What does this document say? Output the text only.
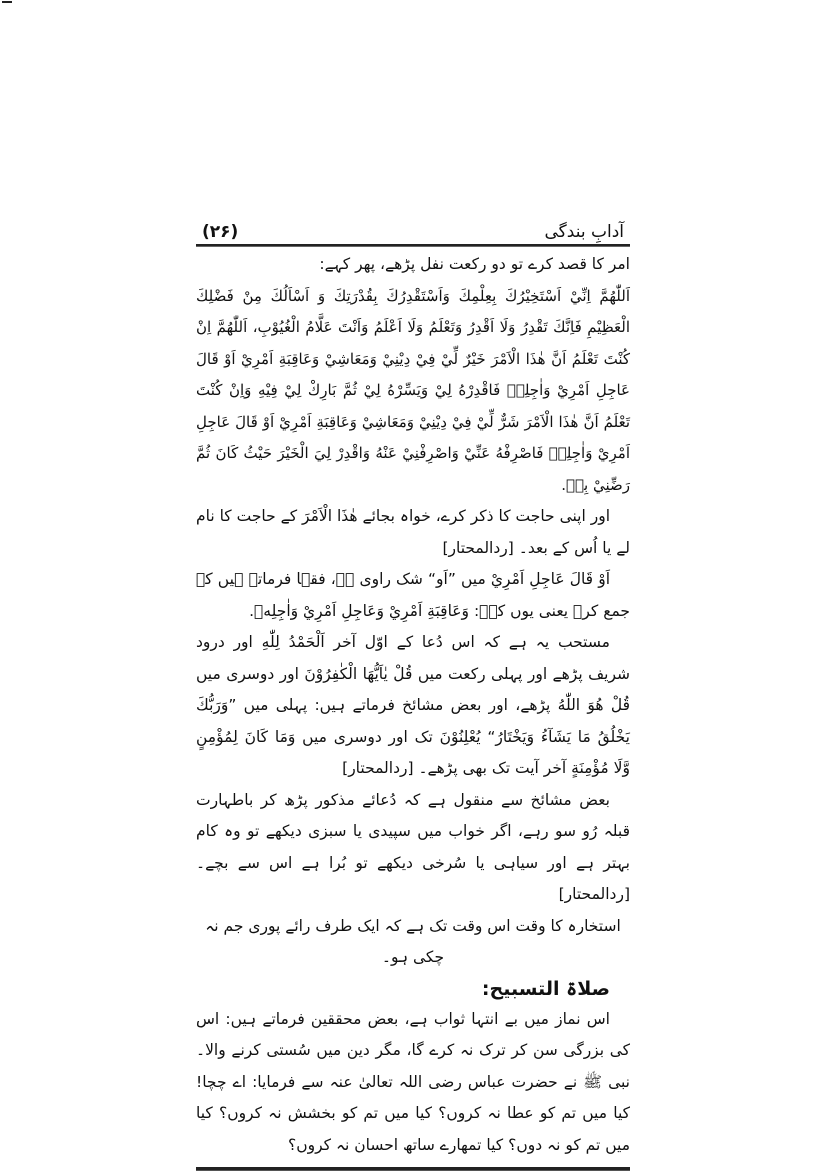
(۲۶)	آدابِ بندگی

امر کا قصد کرے تو دو رکعت نفل پڑھے، پھر کہے:

اَللّٰهُمَّ اِنِّيْ اَسْتَخِيْرُكَ بِعِلْمِكَ وَاَسْتَقْدِرُكَ بِقُدْرَتِكَ وَ اَسْاَلُكَ مِنْ فَضْلِكَ الْعَظِيْمِ فَاِنَّكَ تَقْدِرُ وَلَا اَقْدِرُ وَتَعْلَمُ وَلَا اَعْلَمُ وَاَنْتَ عَلَّامُ الْغُيُوْبِ، اَللّٰهُمَّ اِنْ كُنْتَ تَعْلَمُ اَنَّ هٰذَا الْاَمْرَ خَيْرٌ لِّيْ فِيْ دِيْنِيْ وَمَعَاشِيْ وَعَاقِبَةِ اَمْرِيْ اَوْ قَالَ عَاجِلِ اَمْرِيْ وَاٰجِلِهٖ فَاقْدِرْهُ لِيْ وَيَسِّرْهُ لِيْ ثُمَّ بَارِكْ لِيْ فِيْهِ وَاِنْ كُنْتَ تَعْلَمُ اَنَّ هٰذَا الْاَمْرَ شَرٌّ لِّيْ فِيْ دِيْنِيْ وَمَعَاشِيْ وَعَاقِبَةِ اَمْرِيْ اَوْ قَالَ عَاجِلِ اَمْرِيْ وَاٰجِلِهٖ فَاصْرِفْهُ عَنِّيْ وَاصْرِفْنِيْ عَنْهُ وَاقْدِرْ لِيَ الْخَيْرَ حَيْثُ كَانَ ثُمَّ رَضِّنِيْ بِهٖ.

اور اپنی حاجت کا ذکر کرے، خواہ بجائے هٰذَا الْاَمْرَ کے حاجت کا نام لے یا اُس کے بعد۔ [ردالمحتار]

اَوْ قَالَ عَاجِلِ اَمْرِيْ میں ”اَو“ شک راوی ہے، فقہا فرماتے ہیں کہ جمع کرے یعنی یوں کہے: وَعَاقِبَةِ اَمْرِيْ وَعَاجِلِ اَمْرِيْ وَاٰجِلِهٖ.

مستحب یہ ہے کہ اس دُعا کے اوّل آخر اَلْحَمْدُ لِلّٰهِ اور درود شریف پڑھے اور پہلی رکعت میں قُلْ يٰاَيُّهَا الْكٰفِرُوْنَ اور دوسری میں قُلْ هُوَ اللّٰهُ پڑھے، اور بعض مشائخ فرماتے ہیں: پہلی میں ”وَرَبُّكَ يَخْلُقُ مَا يَشَآءُ وَيَخْتَارُ“ يُعْلِنُوْنَ تک اور دوسری میں وَمَا كَانَ لِمُؤْمِنٍ وَّلَا مُؤْمِنَةٍ آخر آیت تک بھی پڑھے۔ [ردالمحتار]

بعض مشائخ سے منقول ہے کہ دُعائے مذکور پڑھ کر باطہارت قبلہ رُو سو رہے، اگر خواب میں سپیدی یا سبزی دیکھے تو وہ کام بہتر ہے اور سیاہی یا سُرخی دیکھے تو بُرا ہے اس سے بچے۔ [ردالمحتار]

استخارہ کا وقت اس وقت تک ہے کہ ایک طرف رائے پوری جم نہ چکی ہو۔

صلاۃ التسبیح:

اس نماز میں بے انتہا ثواب ہے، بعض محققین فرماتے ہیں: اس کی بزرگی سن کر ترک نہ کرے گا، مگر دین میں سُستی کرنے والا۔ نبی ﷺ نے حضرت عباس رضی اللہ تعالیٰ عنہ سے فرمایا: اے چچا! کیا میں تم کو عطا نہ کروں؟ کیا میں تم کو بخشش نہ کروں؟ کیا میں تم کو نہ دوں؟ کیا تمھارے ساتھ احسان نہ کروں؟
